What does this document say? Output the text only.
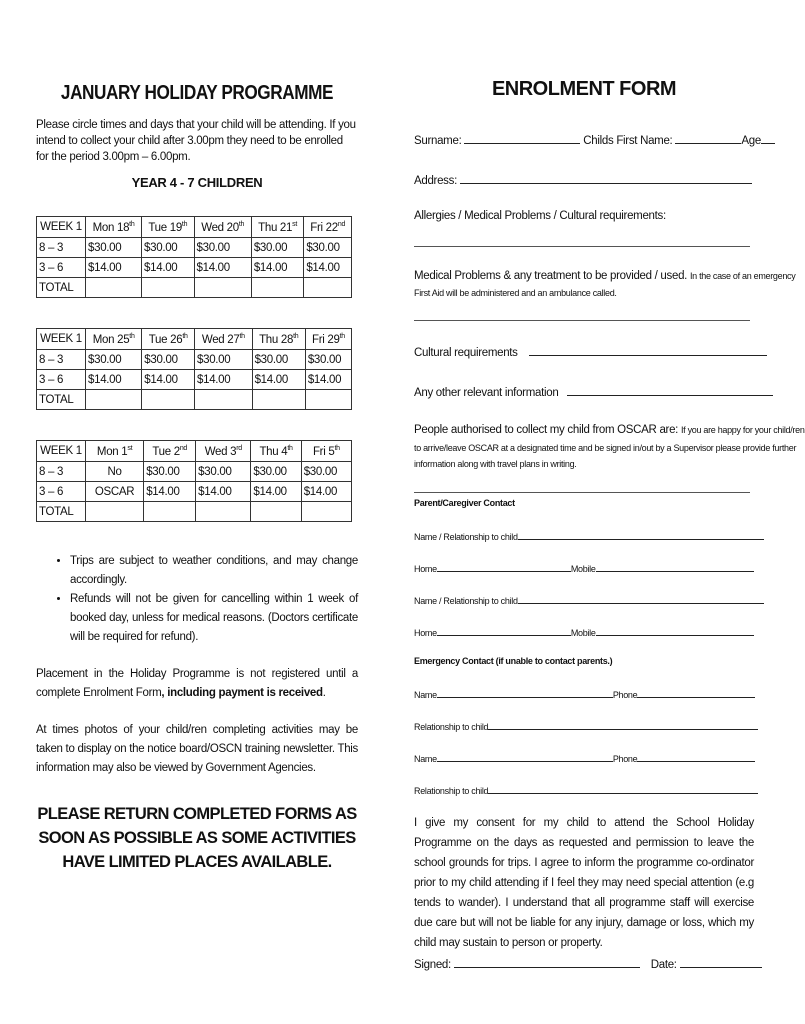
JANUARY HOLIDAY PROGRAMME
Please circle times and days that your child will be attending. If you intend to collect your child after 3.00pm they need to be enrolled for the period 3.00pm – 6.00pm.
YEAR 4 - 7 CHILDREN
WEEK 1	Mon 18th	Tue 19th	Wed 20th	Thu 21st	Fri 22nd
8 – 3	$30.00	$30.00	$30.00	$30.00	$30.00
3 – 6	$14.00	$14.00	$14.00	$14.00	$14.00
TOTAL					
WEEK 1	Mon 25th	Tue 26th	Wed 27th	Thu 28th	Fri 29th
8 – 3	$30.00	$30.00	$30.00	$30.00	$30.00
3 – 6	$14.00	$14.00	$14.00	$14.00	$14.00
TOTAL					
WEEK 1	Mon 1st	Tue 2nd	Wed 3rd	Thu 4th	Fri 5th
8 – 3	No	$30.00	$30.00	$30.00	$30.00
3 – 6	OSCAR	$14.00	$14.00	$14.00	$14.00
TOTAL					
• Trips are subject to weather conditions, and may change accordingly.
• Refunds will not be given for cancelling within 1 week of booked day, unless for medical reasons. (Doctors certificate will be required for refund).
Placement in the Holiday Programme is not registered until a complete Enrolment Form, including payment is received.
At times photos of your child/ren completing activities may be taken to display on the notice board/OSCN training newsletter. This information may also be viewed by Government Agencies.
PLEASE RETURN COMPLETED FORMS AS SOON AS POSSIBLE AS SOME ACTIVITIES HAVE LIMITED PLACES AVAILABLE.
ENROLMENT FORM
Surname:	Childs First Name:	Age
Address:
Allergies / Medical Problems / Cultural requirements:
Medical Problems & any treatment to be provided / used. In the case of an emergency
First Aid will be administered and an ambulance called.
Cultural requirements
Any other relevant information
People authorised to collect my child from OSCAR are: If you are happy for your child/ren
to arrive/leave OSCAR at a designated time and be signed in/out by a Supervisor please provide further
information along with travel plans in writing.
Parent/Caregiver Contact
Name / Relationship to child
Home	Mobile
Name / Relationship to child
Home	Mobile
Emergency Contact (if unable to contact parents.)
Name	Phone
Relationship to child
Name	Phone
Relationship to child
I give my consent for my child to attend the School Holiday Programme on the days as requested and permission to leave the school grounds for trips. I agree to inform the programme co-ordinator prior to my child attending if I feel they may need special attention (e.g tends to wander). I understand that all programme staff will exercise due care but will not be liable for any injury, damage or loss, which my child may sustain to person or property.
Signed:	Date:
